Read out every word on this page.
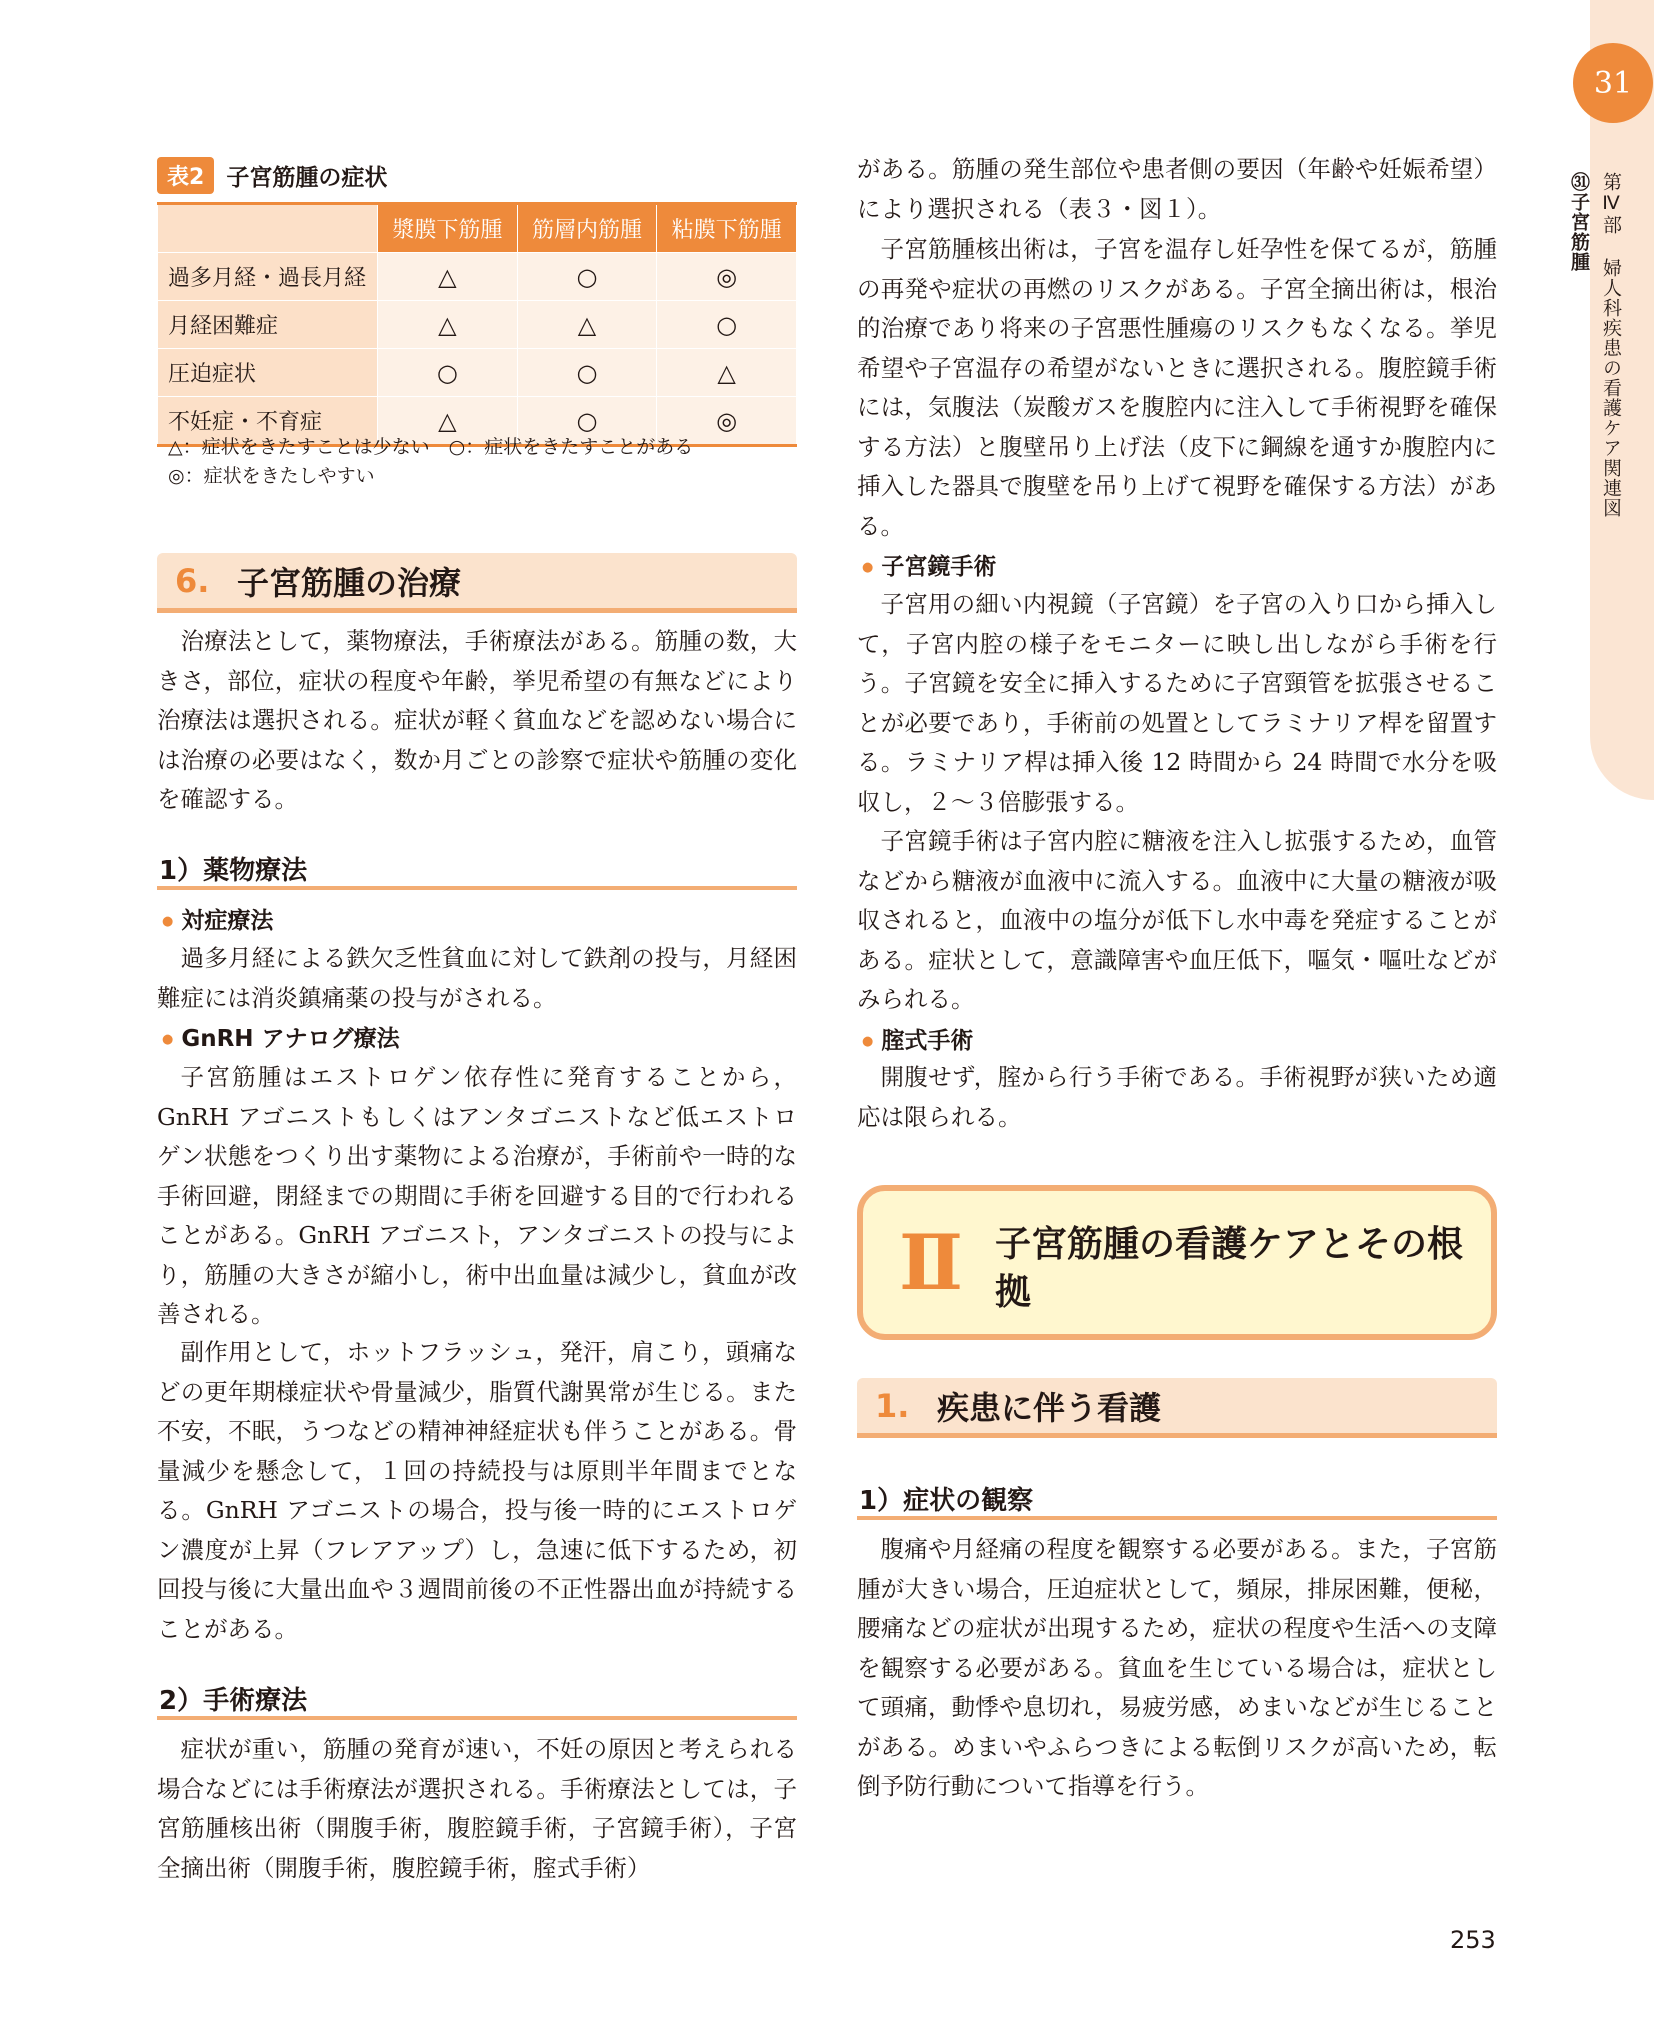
31
㉛子宮筋腫 第Ⅳ部 婦人科疾患の看護ケア関連図
表2 子宮筋腫の症状
	漿膜下筋腫	筋層内筋腫	粘膜下筋腫
過多月経・過長月経	△	○	◎
月経困難症	△	△	○
圧迫症状	○	○	△
不妊症・不育症	△	○	◎
△：症状をきたすことは少ない　○：症状をきたすことがある
◎：症状をきたしやすい
6. 子宮筋腫の治療

治療法として，薬物療法，手術療法がある。筋腫の数，大きさ，部位，症状の程度や年齢，挙児希望の有無などにより治療法は選択される。症状が軽く貧血などを認めない場合には治療の必要はなく，数か月ごとの診察で症状や筋腫の変化を確認する。

1）薬物療法
● 対症療法

過多月経による鉄欠乏性貧血に対して鉄剤の投与，月経困難症には消炎鎮痛薬の投与がされる。

● GnRH アナログ療法

子宮筋腫はエストロゲン依存性に発育することから，GnRH アゴニストもしくはアンタゴニストなど低エストロゲン状態をつくり出す薬物による治療が，手術前や一時的な手術回避，閉経までの期間に手術を回避する目的で行われることがある。GnRH アゴニスト，アンタゴニストの投与により，筋腫の大きさが縮小し，術中出血量は減少し，貧血が改善される。

副作用として，ホットフラッシュ，発汗，肩こり，頭痛などの更年期様症状や骨量減少，脂質代謝異常が生じる。また不安，不眠，うつなどの精神神経症状も伴うことがある。骨量減少を懸念して，１回の持続投与は原則半年間までとなる。GnRH アゴニストの場合，投与後一時的にエストロゲン濃度が上昇（フレアアップ）し，急速に低下するため，初回投与後に大量出血や３週間前後の不正性器出血が持続することがある。

2）手術療法

症状が重い，筋腫の発育が速い，不妊の原因と考えられる場合などには手術療法が選択される。手術療法としては，子宮筋腫核出術（開腹手術，腹腔鏡手術，子宮鏡手術），子宮全摘出術（開腹手術，腹腔鏡手術，腟式手術）

がある。筋腫の発生部位や患者側の要因（年齢や妊娠希望）により選択される（表３・図１）。

子宮筋腫核出術は，子宮を温存し妊孕性を保てるが，筋腫の再発や症状の再燃のリスクがある。子宮全摘出術は，根治的治療であり将来の子宮悪性腫瘍のリスクもなくなる。挙児希望や子宮温存の希望がないときに選択される。腹腔鏡手術には，気腹法（炭酸ガスを腹腔内に注入して手術視野を確保する方法）と腹壁吊り上げ法（皮下に鋼線を通すか腹腔内に挿入した器具で腹壁を吊り上げて視野を確保する方法）がある。

● 子宮鏡手術

子宮用の細い内視鏡（子宮鏡）を子宮の入り口から挿入して，子宮内腔の様子をモニターに映し出しながら手術を行う。子宮鏡を安全に挿入するために子宮頸管を拡張させることが必要であり，手術前の処置としてラミナリア桿を留置する。ラミナリア桿は挿入後 12 時間から 24 時間で水分を吸収し，２〜３倍膨張する。

子宮鏡手術は子宮内腔に糖液を注入し拡張するため，血管などから糖液が血液中に流入する。血液中に大量の糖液が吸収されると，血液中の塩分が低下し水中毒を発症することがある。症状として，意識障害や血圧低下，嘔気・嘔吐などがみられる。

● 腟式手術

開腹せず，腟から行う手術である。手術視野が狭いため適応は限られる。

Ⅱ 子宮筋腫の看護ケアとその根拠
1. 疾患に伴う看護
1）症状の観察

腹痛や月経痛の程度を観察する必要がある。また，子宮筋腫が大きい場合，圧迫症状として，頻尿，排尿困難，便秘，腰痛などの症状が出現するため，症状の程度や生活への支障を観察する必要がある。貧血を生じている場合は，症状として頭痛，動悸や息切れ，易疲労感，めまいなどが生じることがある。めまいやふらつきによる転倒リスクが高いため，転倒予防行動について指導を行う。

253
